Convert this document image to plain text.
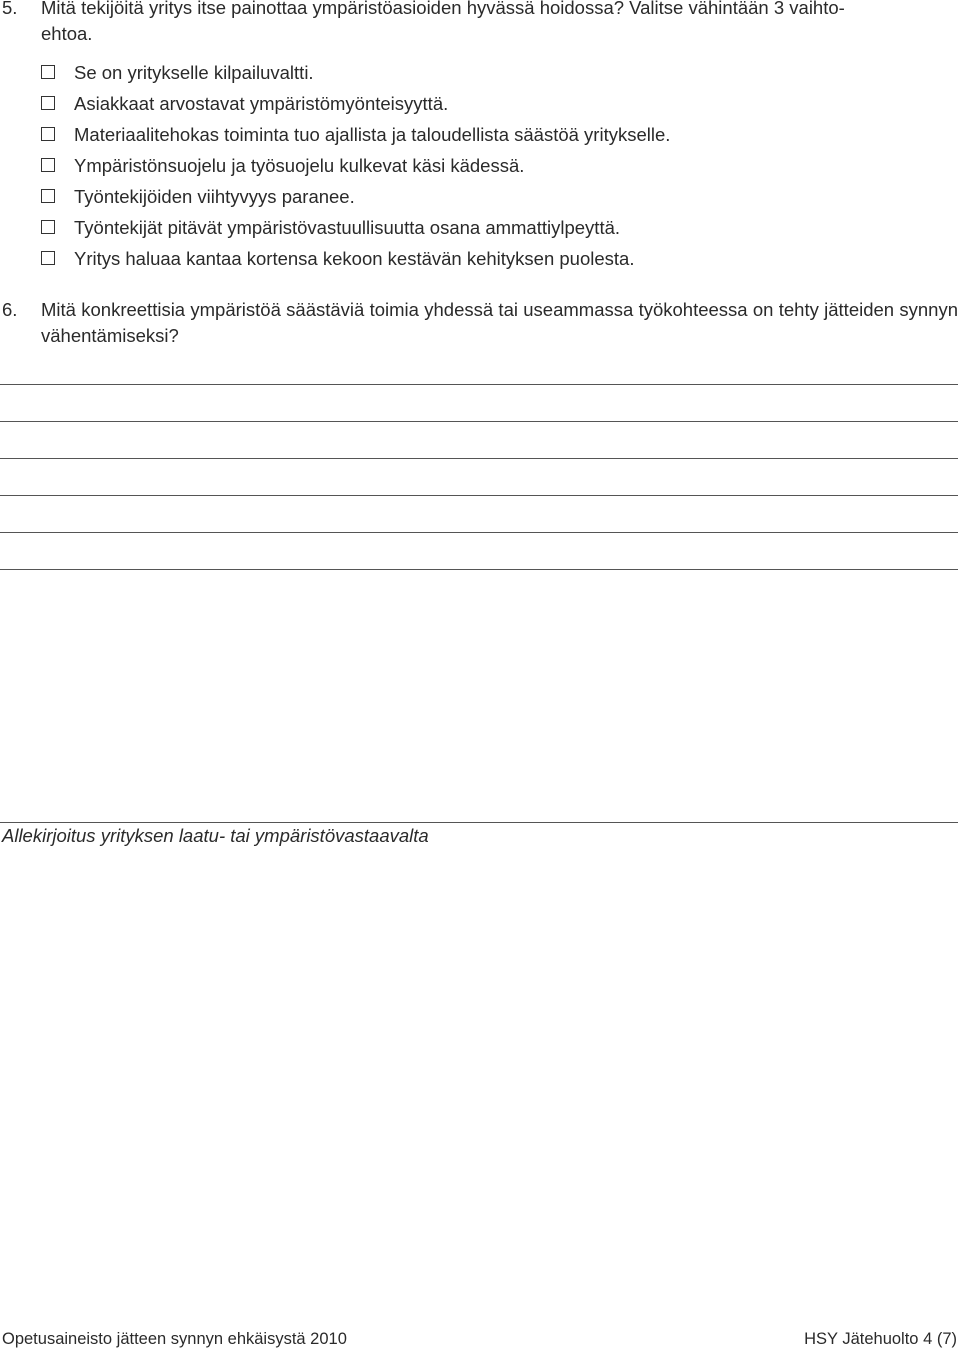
5. Mitä tekijöitä yritys itse painottaa ympäristöasioiden hyvässä hoidossa? Valitse vähintään 3 vaihto-
ehtoa.
Se on yritykselle kilpailuvaltti.
Asiakkaat arvostavat ympäristömyönteisyyttä.
Materiaalitehokas toiminta tuo ajallista ja taloudellista säästöä yritykselle.
Ympäristönsuojelu ja työsuojelu kulkevat käsi kädessä.
Työntekijöiden viihtyvyys paranee.
Työntekijät pitävät ympäristövastuullisuutta osana ammattiylpeyttä.
Yritys haluaa kantaa kortensa kekoon kestävän kehityksen puolesta.
6. Mitä konkreettisia ympäristöä säästäviä toimia yhdessä tai useammassa työkohteessa on tehty jätteiden synnyn vähentämiseksi?
Allekirjoitus yrityksen laatu- tai ympäristövastaavalta
Opetusaineisto jätteen synnyn ehkäisystä 2010	HSY Jätehuolto 4 (7)
